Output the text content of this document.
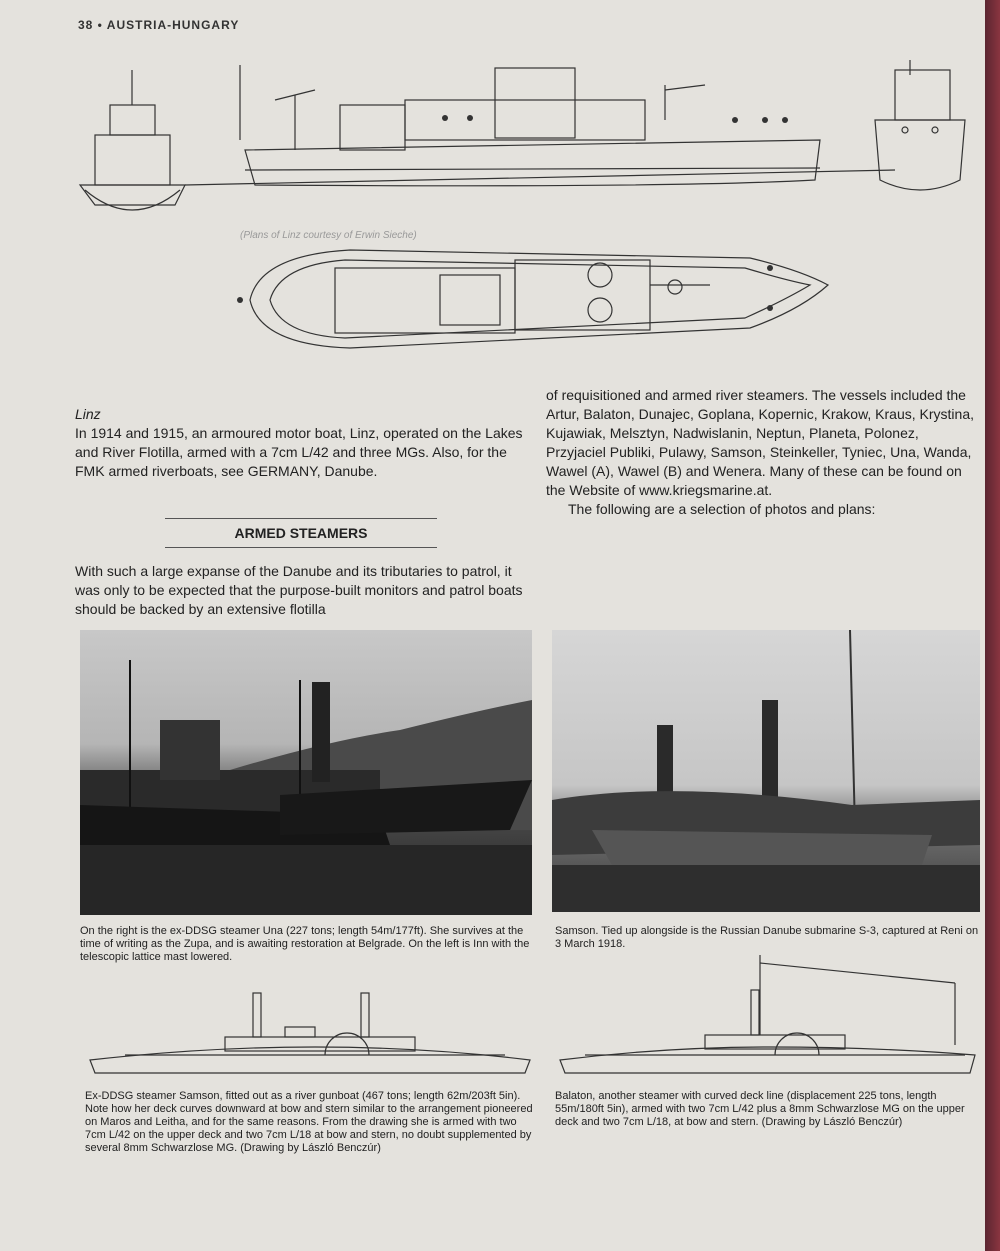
38 • AUSTRIA-HUNGARY
(Plans of Linz courtesy of Erwin Sieche)
Linz
In 1914 and 1915, an armoured motor boat, Linz, operated on the Lakes and River Flotilla, armed with a 7cm L/42 and three MGs. Also, for the FMK armed riverboats, see GERMANY, Danube.
ARMED STEAMERS
With such a large expanse of the Danube and its tributaries to patrol, it was only to be expected that the purpose-built monitors and patrol boats should be backed by an extensive flotilla
of requisitioned and armed river steamers. The vessels included the Artur, Balaton, Dunajec, Goplana, Kopernic, Krakow, Kraus, Krystina, Kujawiak, Melsztyn, Nadwislanin, Neptun, Planeta, Polonez, Przyjaciel Publiki, Pulawy, Samson, Steinkeller, Tyniec, Una, Wanda, Wawel (A), Wawel (B) and Wenera. Many of these can be found on the Website of www.kriegsmarine.at.
The following are a selection of photos and plans:
On the right is the ex-DDSG steamer Una (227 tons; length 54m/177ft). She survives at the time of writing as the Zupa, and is awaiting restoration at Belgrade. On the left is Inn with the telescopic lattice mast lowered.
Samson. Tied up alongside is the Russian Danube submarine S-3, captured at Reni on 3 March 1918.
Ex-DDSG steamer Samson, fitted out as a river gunboat (467 tons; length 62m/203ft 5in). Note how her deck curves downward at bow and stern similar to the arrangement pioneered on Maros and Leitha, and for the same reasons. From the drawing she is armed with two 7cm L/42 on the upper deck and two 7cm L/18 at bow and stern, no doubt supplemented by several 8mm Schwarzlose MG. (Drawing by László Benczúr)
Balaton, another steamer with curved deck line (displacement 225 tons, length 55m/180ft 5in), armed with two 7cm L/42 plus a 8mm Schwarzlose MG on the upper deck and two 7cm L/18, at bow and stern. (Drawing by László Benczúr)
